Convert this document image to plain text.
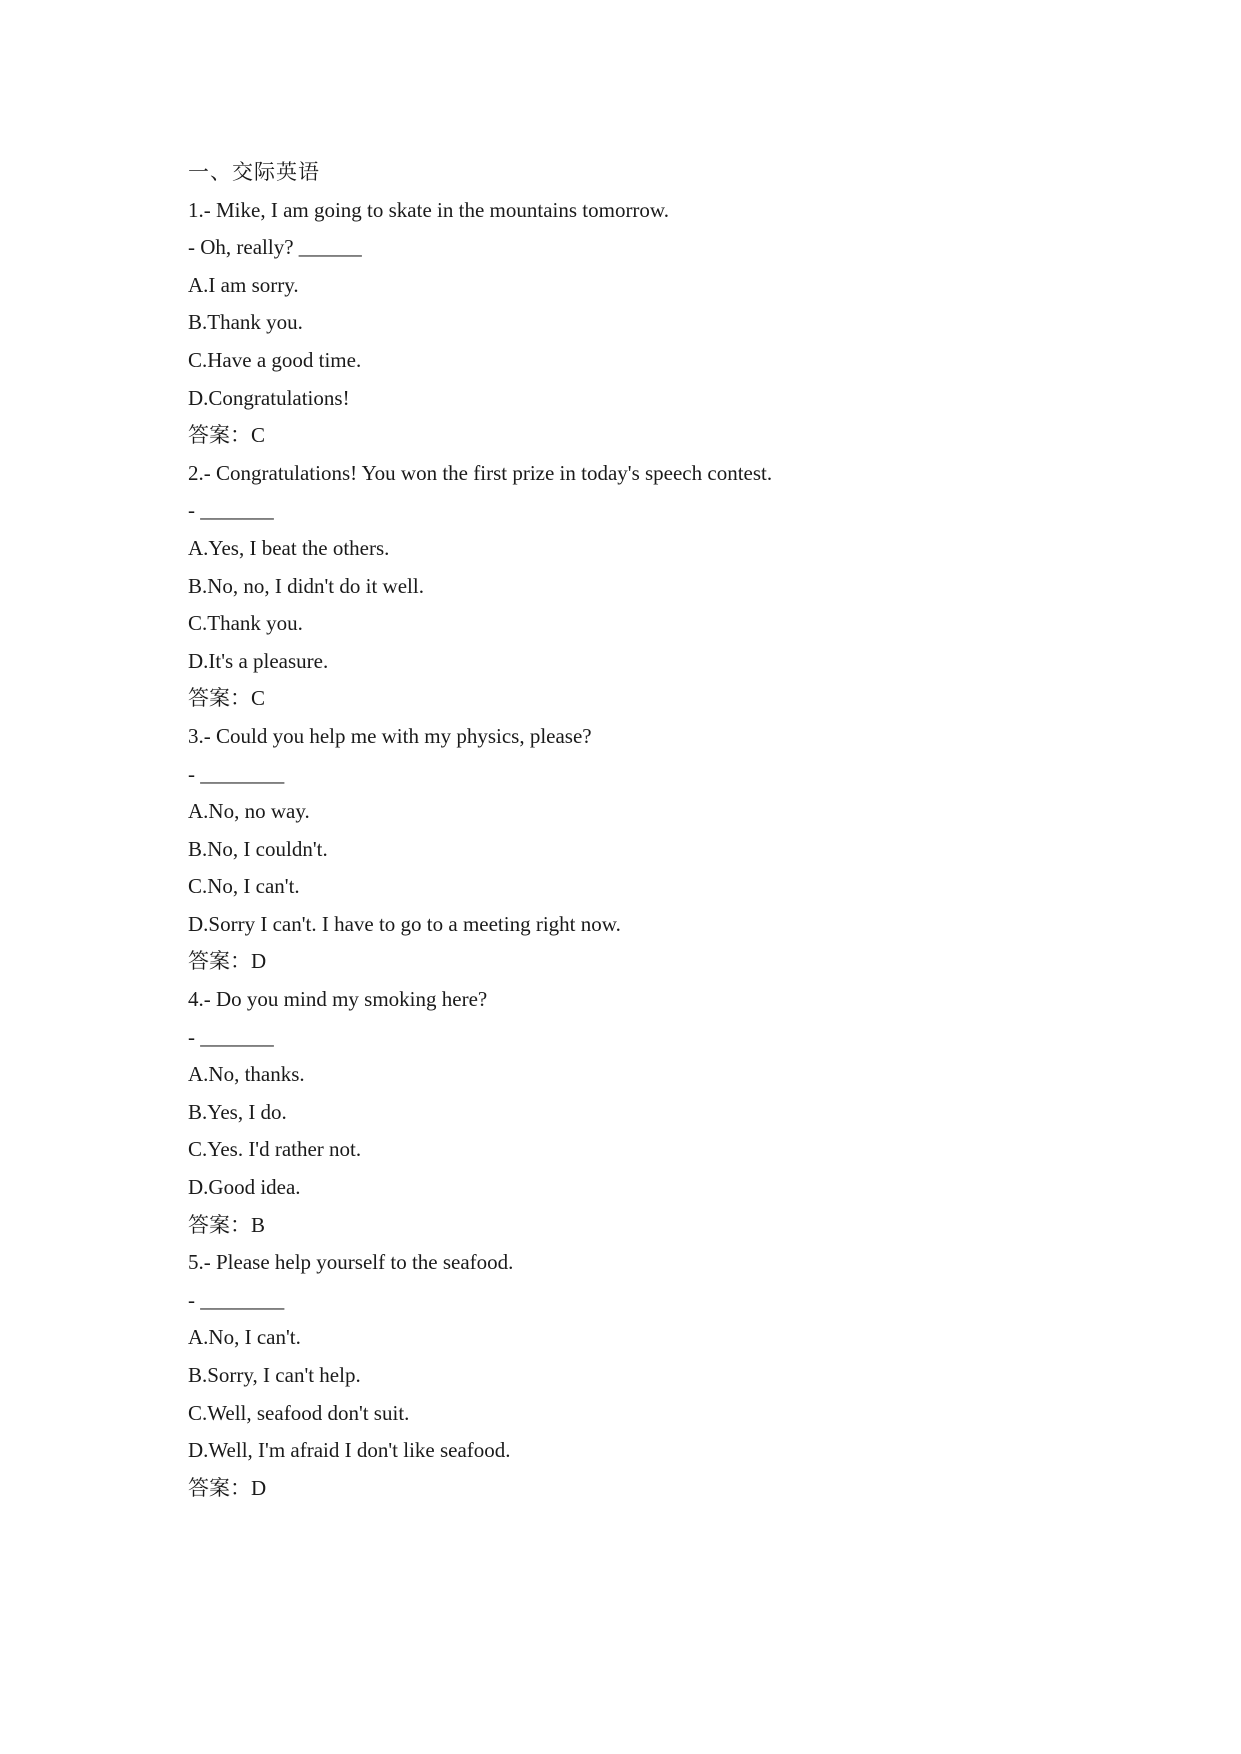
一、交际英语
1.- Mike, I am going to skate in the mountains tomorrow.
- Oh, really? ______
A.I am sorry.
B.Thank you.
C.Have a good time.
D.Congratulations!
答案：C
2.- Congratulations! You won the first prize in today's speech contest.
- _______
A.Yes, I beat the others.
B.No, no, I didn't do it well.
C.Thank you.
D.It's a pleasure.
答案：C
3.- Could you help me with my physics, please?
- ________
A.No, no way.
B.No, I couldn't.
C.No, I can't.
D.Sorry I can't. I have to go to a meeting right now.
答案：D
4.- Do you mind my smoking here?
- _______
A.No, thanks.
B.Yes, I do.
C.Yes. I'd rather not.
D.Good idea.
答案：B
5.- Please help yourself to the seafood.
- ________
A.No, I can't.
B.Sorry, I can't help.
C.Well, seafood don't suit.
D.Well, I'm afraid I don't like seafood.
答案：D
